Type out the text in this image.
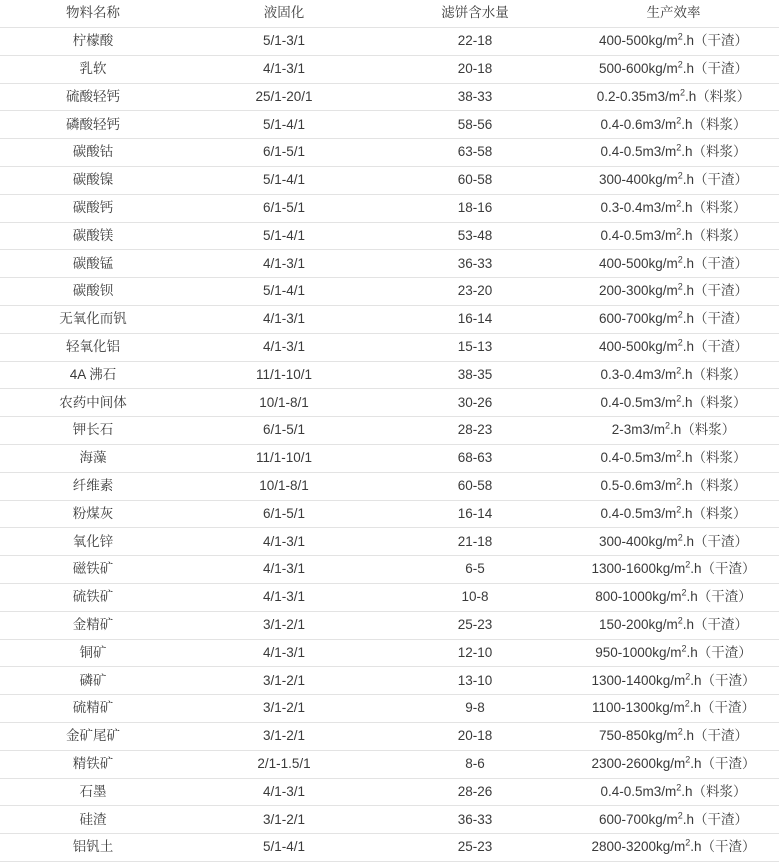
物料名称	液固化	滤饼含水量	生产效率
柠檬酸	5/1-3/1	22-18	$400-500kg/m^2.h$（干渣）

乳软	4/1-3/1	20-18	$500-600kg/m^2.h$（干渣）

硫酸轻钙	25/1-20/1	38-33	$0.2-0.35m3/m^2.h$（料浆）

磷酸轻钙	5/1-4/1	58-56	$0.4-0.6m3/m^2.h$（料浆）

碳酸钴	6/1-5/1	63-58	$0.4-0.5m3/m^2.h$（料浆）

碳酸镍	5/1-4/1	60-58	$300-400kg/m^2.h$（干渣）

碳酸钙	6/1-5/1	18-16	$0.3-0.4m3/m^2.h$（料浆）

碳酸镁	5/1-4/1	53-48	$0.4-0.5m3/m^2.h$（料浆）

碳酸锰	4/1-3/1	36-33	$400-500kg/m^2.h$（干渣）

碳酸钡	5/1-4/1	23-20	$200-300kg/m^2.h$（干渣）

无氧化而钒	4/1-3/1	16-14	$600-700kg/m^2.h$（干渣）

轻氧化铝	4/1-3/1	15-13	$400-500kg/m^2.h$（干渣）

4A 沸石	11/1-10/1	38-35	$0.3-0.4m3/m^2.h$（料浆）

农药中间体	10/1-8/1	30-26	$0.4-0.5m3/m^2.h$（料浆）

钾长石	6/1-5/1	28-23	$2-3m3/m^2.h$（料浆）

海藻	11/1-10/1	68-63	$0.4-0.5m3/m^2.h$（料浆）

纤维素	10/1-8/1	60-58	$0.5-0.6m3/m^2.h$（料浆）

粉煤灰	6/1-5/1	16-14	$0.4-0.5m3/m^2.h$（料浆）

氧化锌	4/1-3/1	21-18	$300-400kg/m^2.h$（干渣）

磁铁矿	4/1-3/1	6-5	$1300-1600kg/m^2.h$（干渣）

硫铁矿	4/1-3/1	10-8	$800-1000kg/m^2.h$（干渣）

金精矿	3/1-2/1	25-23	$150-200kg/m^2.h$（干渣）

铜矿	4/1-3/1	12-10	$950-1000kg/m^2.h$（干渣）

磷矿	3/1-2/1	13-10	$1300-1400kg/m^2.h$（干渣）

硫精矿	3/1-2/1	9-8	$1100-1300kg/m^2.h$（干渣）

金矿尾矿	3/1-2/1	20-18	$750-850kg/m^2.h$（干渣）

精铁矿	2/1-1.5/1	8-6	$2300-2600kg/m^2.h$（干渣）

石墨	4/1-3/1	28-26	$0.4-0.5m3/m^2.h$（料浆）

硅渣	3/1-2/1	36-33	$600-700kg/m^2.h$（干渣）

铝钒土	5/1-4/1	25-23	$2800-3200kg/m^2.h$（干渣）
